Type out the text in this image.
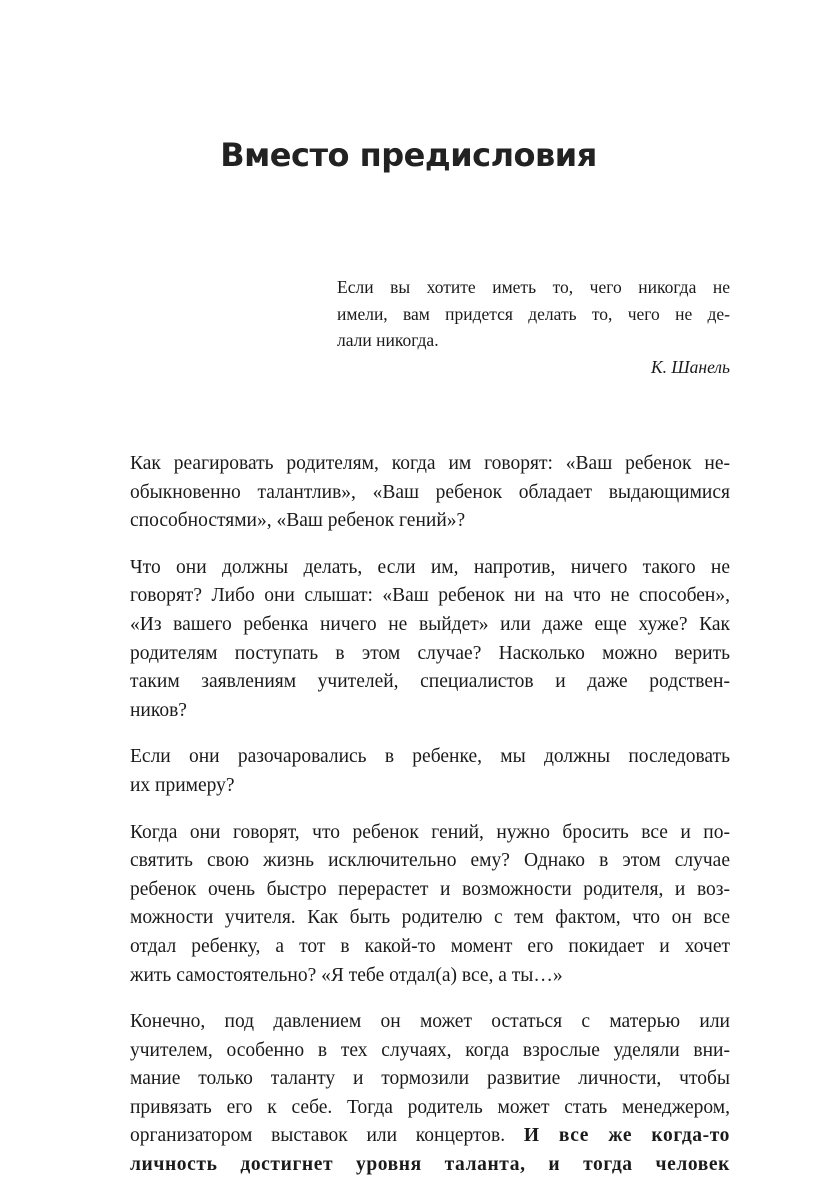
Вместо предисловия
Если вы хотите иметь то, чего никогда не
имели, вам придется делать то, чего не де-
лали никогда.
К. Шанель
Как реагировать родителям, когда им говорят: «Ваш ребенок не-
обыкновенно талантлив», «Ваш ребенок обладает выдающимися
способностями», «Ваш ребенок гений»?
Что они должны делать, если им, напротив, ничего такого не
говорят? Либо они слышат: «Ваш ребенок ни на что не способен»,
«Из вашего ребенка ничего не выйдет» или даже еще хуже? Как
родителям поступать в этом случае? Насколько можно верить
таким заявлениям учителей, специалистов и даже родствен-
ников?
Если они разочаровались в ребенке, мы должны последовать
их примеру?
Когда они говорят, что ребенок гений, нужно бросить все и по-
святить свою жизнь исключительно ему? Однако в этом случае
ребенок очень быстро перерастет и возможности родителя, и воз-
можности учителя. Как быть родителю с тем фактом, что он все
отдал ребенку, а тот в какой-то момент его покидает и хочет
жить самостоятельно? «Я тебе отдал(а) все, а ты…»
Конечно, под давлением он может остаться с матерью или
учителем, особенно в тех случаях, когда взрослые уделяли вни-
мание только таланту и тормозили развитие личности, чтобы
привязать его к себе. Тогда родитель может стать менеджером,
организатором выставок или концертов. И все же когда-то
личность достигнет уровня таланта, и тогда человек
